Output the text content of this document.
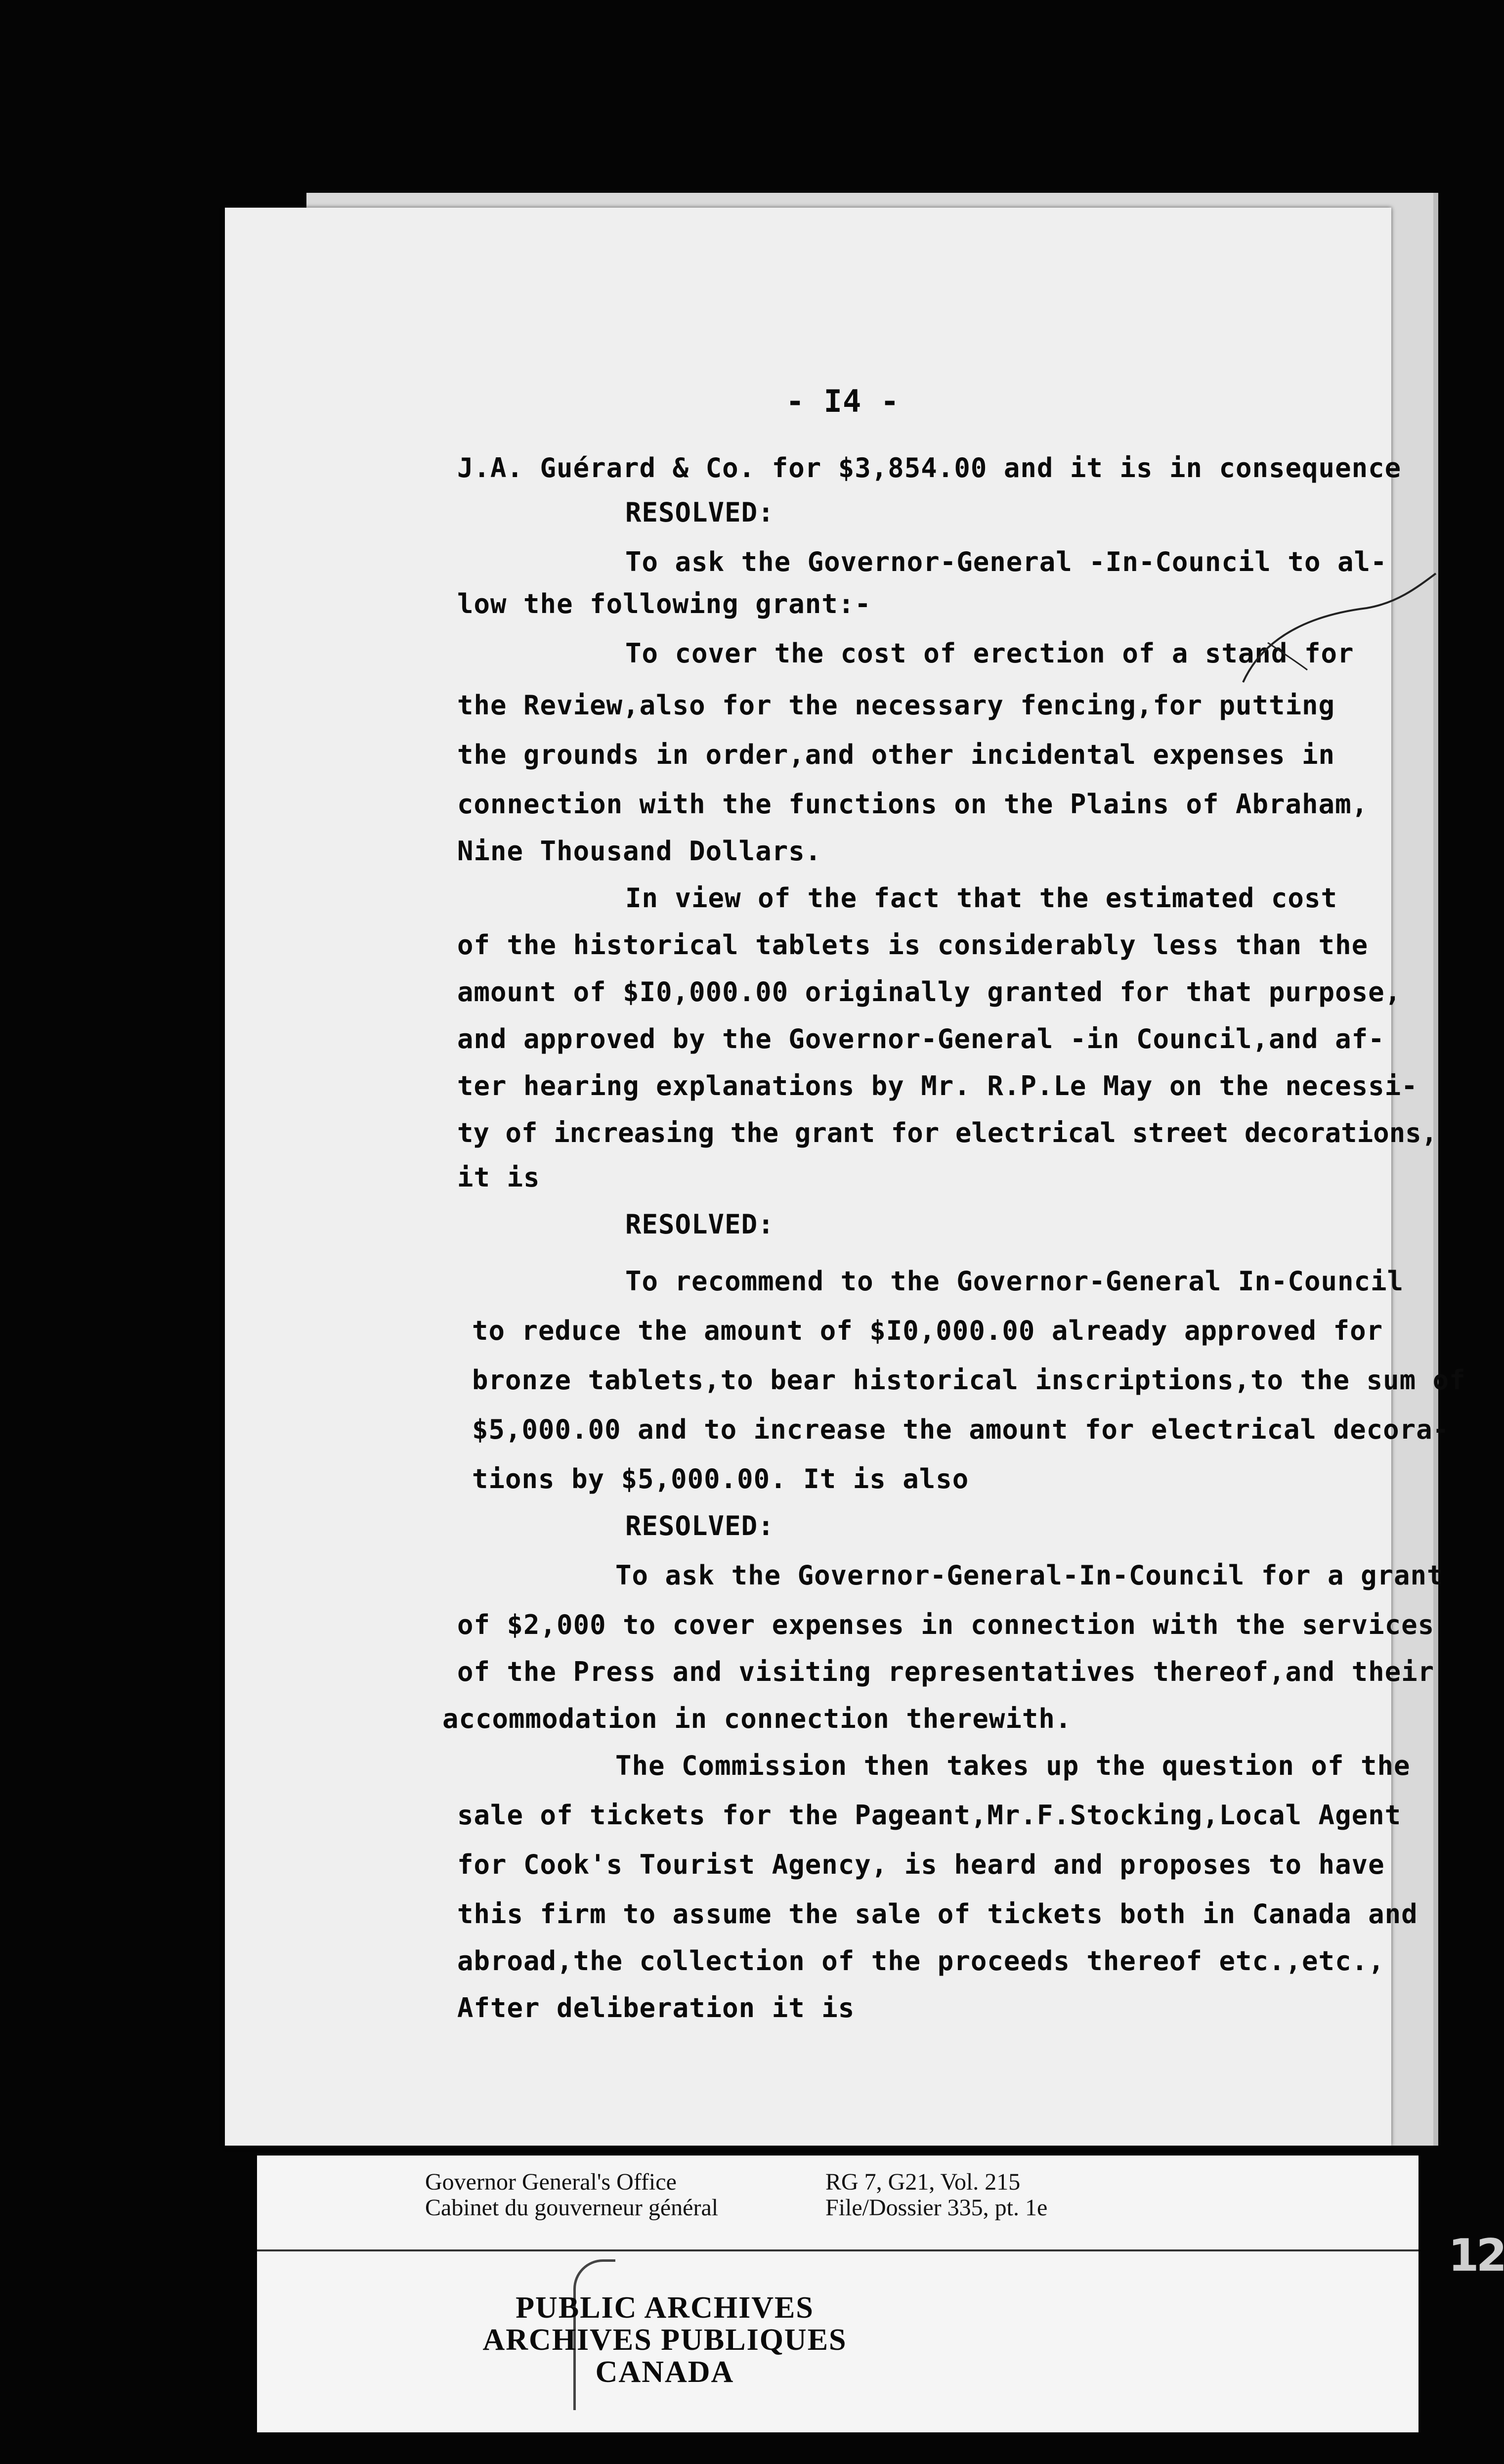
- I4 -
J.A. Guérard & Co. for $3,854.00 and it is in consequence
RESOLVED:
To ask the Governor-General -In-Council to al-
low the following grant:-
To cover the cost of erection of a stand for
the Review,also for the necessary fencing,for putting
the grounds in order,and other incidental expenses in
connection with the functions on the Plains of Abraham,
Nine Thousand Dollars.
In view of the fact that the estimated cost
of the historical tablets is considerably less than the
amount of $I0,000.00 originally granted for that purpose,
and approved by the Governor-General -in Council,and af-
ter hearing explanations by Mr. R.P.Le May on the necessi-
ty of increasing the grant for electrical street decorations,
it is
RESOLVED:
To recommend to the Governor-General In-Council
to reduce the amount of $I0,000.00 already approved for
bronze tablets,to bear historical inscriptions,to the sum of
$5,000.00 and to increase the amount for electrical decora-
tions by $5,000.00. It is also
RESOLVED:
To ask the Governor-General-In-Council for a grant
of $2,000 to cover expenses in connection with the services
of the Press and visiting representatives thereof,and their
accommodation in connection therewith.
The Commission then takes up the question of the
sale of tickets for the Pageant,Mr.F.Stocking,Local Agent
for Cook's Tourist Agency, is heard and proposes to have
this firm to assume the sale of tickets both in Canada and
abroad,the collection of the proceeds thereof etc.,etc.,
After deliberation it is
Governor General's Office
Cabinet du gouverneur général
RG 7, G21, Vol. 215
File/Dossier 335, pt. 1e
PUBLIC ARCHIVES
ARCHIVES PUBLIQUES
CANADA
12
